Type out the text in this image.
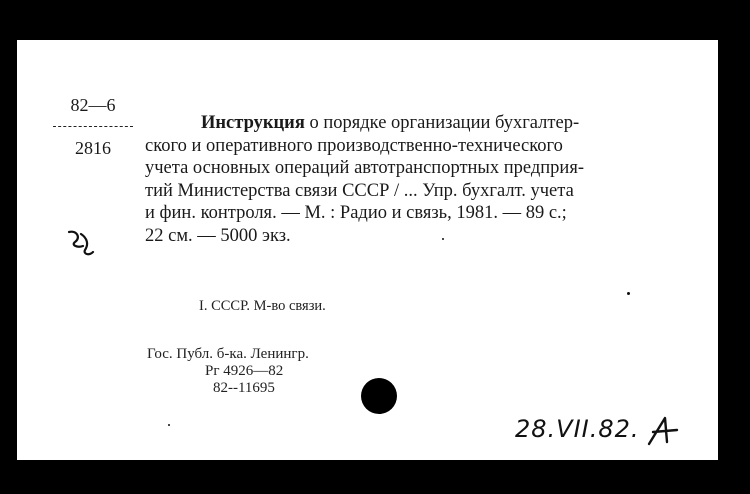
82—6
2816
Инструкция о порядке организации бухгалтер-
ского и оперативного производственно-технического
учета основных операций автотранспортных предприя-
тий Министерства связи СССР / ... Упр. бухгалт. учета
и фин. контроля. — М. : Радио и связь, 1981. — 89 с.;
22 см. — 5000 экз.
I. СССР. М-во связи.
Гос. Публ. б-ка. Ленингр.
Рг 4926—82
82--11695
28.VII.82.
